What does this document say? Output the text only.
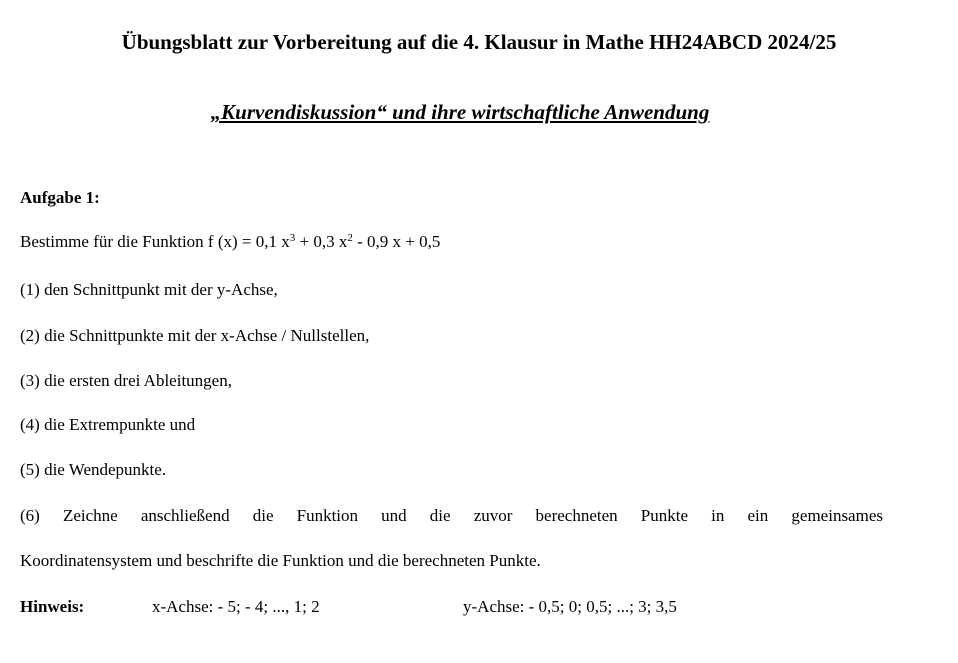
Übungsblatt zur Vorbereitung auf die 4. Klausur in Mathe HH24ABCD 2024/25
„Kurvendiskussion“ und ihre wirtschaftliche Anwendung
Aufgabe 1:
Bestimme für die Funktion f (x) = 0,1 $x^3 + 0,3$ $x^2 - 0,9$ x + 0,5
(1) den Schnittpunkt mit der y-Achse,
(2) die Schnittpunkte mit der x-Achse / Nullstellen,
(3) die ersten drei Ableitungen,
(4) die Extrempunkte und
(5) die Wendepunkte.
(6) Zeichne anschließend die Funktion und die zuvor berechneten Punkte in ein gemeinsames
Koordinatensystem und beschrifte die Funktion und die berechneten Punkte.
Hinweis:	x-Achse: - 5; - 4; ..., 1; 2	y-Achse: - 0,5; 0; 0,5; ...; 3; 3,5
